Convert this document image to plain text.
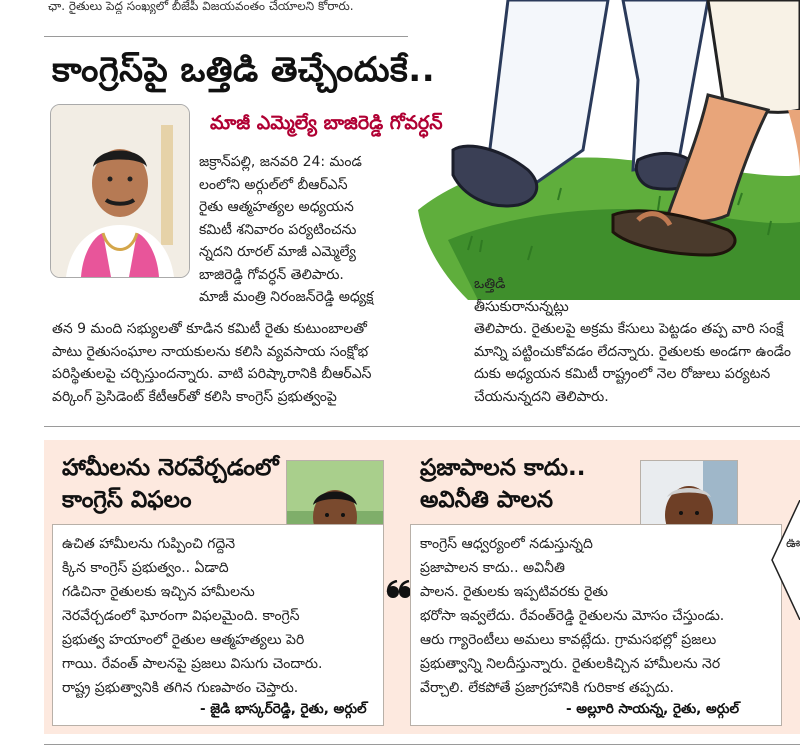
ఛా. రైతులు పెద్ద సంఖ్యలో బీజేపీ విజయవంతం చేయాలని కోరారు.
కాంగ్రెస్‌పై ఒత్తిడి తెచ్చేందుకే..
మాజీ ఎమ్మెల్యే బాజిరెడ్డి గోవర్ధన్
జక్రాన్‌పల్లి, జనవరి 24: మండ
లంలోని అర్గుల్‌లో బీఆర్‌ఎస్
రైతు ఆత్మహత్యల అధ్యయన
కమిటీ శనివారం పర్యటించను
న్నదని రూరల్ మాజీ ఎమ్మెల్యే
బాజిరెడ్డి గోవర్ధన్ తెలిపారు.
మాజీ మంత్రి నిరంజన్‌రెడ్డి అధ్యక్ష
తన 9 మంది సభ్యులతో కూడిన కమిటీ రైతు కుటుంబాలతో
పాటు రైతుసంఘాల నాయకులను కలిసి వ్యవసాయ సంక్షోభ
పరిస్థితులపై చర్చిస్తుందన్నారు. వాటి పరిష్కారానికి బీఆర్‌ఎస్
వర్కింగ్ ప్రెసిడెంట్ కేటీఆర్‌తో కలిసి కాంగ్రెస్ ప్రభుత్వంపై
ఒత్తిడి
తీసుకురానున్నట్లు
తెలిపారు. రైతులపై అక్రమ కేసులు పెట్టడం తప్ప వారి సంక్షే
మాన్ని పట్టించుకోవడం లేదన్నారు. రైతులకు అండగా ఉండేం
దుకు అధ్యయన కమిటీ రాష్ట్రంలో నెల రోజులు పర్యటన
చేయనున్నదని తెలిపారు.
హామీలను నెరవేర్చడంలో
కాంగ్రెస్ విఫలం
ఉచిత హామీలను గుప్పించి గద్దెనె
క్కిన కాంగ్రెస్ ప్రభుత్వం.. ఏడాది
గడిచినా రైతులకు ఇచ్చిన హామీలను
నెరవేర్చడంలో ఘోరంగా విఫలమైంది. కాంగ్రెస్
ప్రభుత్వ హయాంలో రైతుల ఆత్మహత్యలు పెరి
గాయి. రేవంత్ పాలనపై ప్రజలు విసుగు చెందారు.
రాష్ట్ర ప్రభుత్వానికి తగిన గుణపాఠం చెప్తారు.
- జైడి భాస్కర్‌రెడ్డి, రైతు, అర్గుల్
ప్రజాపాలన కాదు..
అవినీతి పాలన
కాంగ్రెస్ ఆధ్వర్యంలో నడుస్తున్నది
ప్రజాపాలన కాదు.. అవినీతి
పాలన. రైతులకు ఇప్పటివరకు రైతు
భరోసా ఇవ్వలేదు. రేవంత్‌రెడ్డి రైతులను మోసం చేస్తుండు.
ఆరు గ్యారెంటీలు అమలు కావట్లేదు. గ్రామసభల్లో ప్రజలు
ప్రభుత్వాన్ని నిలదీస్తున్నారు. రైతులకిచ్చిన హామీలను నెర
వేర్చాలి. లేకపోతే ప్రజాగ్రహానికి గురికాక తప్పదు.
- అల్లూరి సాయన్న, రైతు, అర్గుల్
ఊ
